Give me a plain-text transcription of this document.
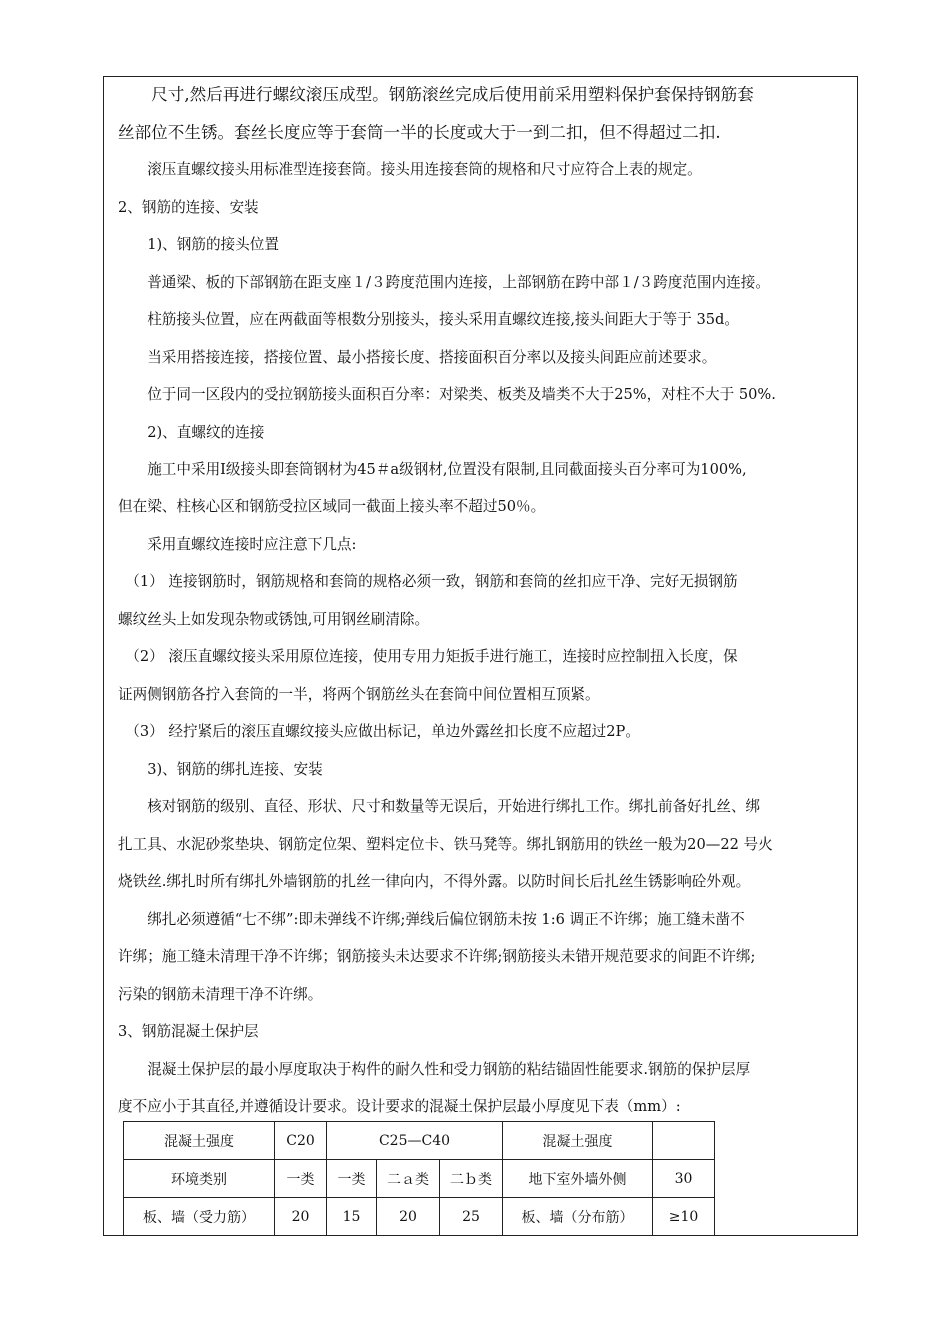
　　尺寸,然后再进行螺纹滚压成型。钢筋滚丝完成后使用前采用塑料保护套保持钢筋套
丝部位不生锈。套丝长度应等于套筒一半的长度或大于一到二扣，但不得超过二扣.
　　滚压直螺纹接头用标准型连接套筒。接头用连接套筒的规格和尺寸应符合上表的规定。
2、钢筋的连接、安装
　　1)、钢筋的接头位置
　　普通梁、板的下部钢筋在距支座１/３跨度范围内连接，上部钢筋在跨中部１/３跨度范围内连接。
　　柱筋接头位置，应在两截面等根数分别接头，接头采用直螺纹连接,接头间距大于等于 35d。
　　当采用搭接连接，搭接位置、最小搭接长度、搭接面积百分率以及接头间距应前述要求。
　　位于同一区段内的受拉钢筋接头面积百分率：对梁类、板类及墙类不大于25%，对柱不大于 50%.
　　2)、直螺纹的连接
　　施工中采用Ⅰ级接头即套筒钢材为45＃a级钢材,位置没有限制,且同截面接头百分率可为100%,
但在梁、柱核心区和钢筋受拉区域同一截面上接头率不超过50％。
　　采用直螺纹连接时应注意下几点:
　（1） 连接钢筋时，钢筋规格和套筒的规格必须一致，钢筋和套筒的丝扣应干净、完好无损钢筋
螺纹丝头上如发现杂物或锈蚀,可用钢丝刷清除。
　（2） 滚压直螺纹接头采用原位连接，使用专用力矩扳手进行施工，连接时应控制扭入长度，保
证两侧钢筋各拧入套筒的一半，将两个钢筋丝头在套筒中间位置相互顶紧。
　（3） 经拧紧后的滚压直螺纹接头应做出标记，单边外露丝扣长度不应超过2P。
　　3)、钢筋的绑扎连接、安装
　　核对钢筋的级别、直径、形状、尺寸和数量等无误后，开始进行绑扎工作。绑扎前备好扎丝、绑
扎工具、水泥砂浆垫块、钢筋定位架、塑料定位卡、铁马凳等。绑扎钢筋用的铁丝一般为20—22 号火
烧铁丝.绑扎时所有绑扎外墙钢筋的扎丝一律向内，不得外露。以防时间长后扎丝生锈影响砼外观。
　　绑扎必须遵循“七不绑”:即未弹线不许绑;弹线后偏位钢筋未按 1:6 调正不许绑；施工缝未凿不
许绑；施工缝未清理干净不许绑；钢筋接头未达要求不许绑;钢筋接头未错开规范要求的间距不许绑;
污染的钢筋未清理干净不许绑。
3、钢筋混凝土保护层
　　混凝土保护层的最小厚度取决于构件的耐久性和受力钢筋的粘结锚固性能要求.钢筋的保护层厚
度不应小于其直径,并遵循设计要求。设计要求的混凝土保护层最小厚度见下表（mm）:
混凝土强度	C20	C25—C40			混凝土强度	
环境类别	一类	一类	二ａ类	二ｂ类	地下室外墙外侧	30
板、墙（受力筋）	20	15	20	25	板、墙（分布筋）	≥10
